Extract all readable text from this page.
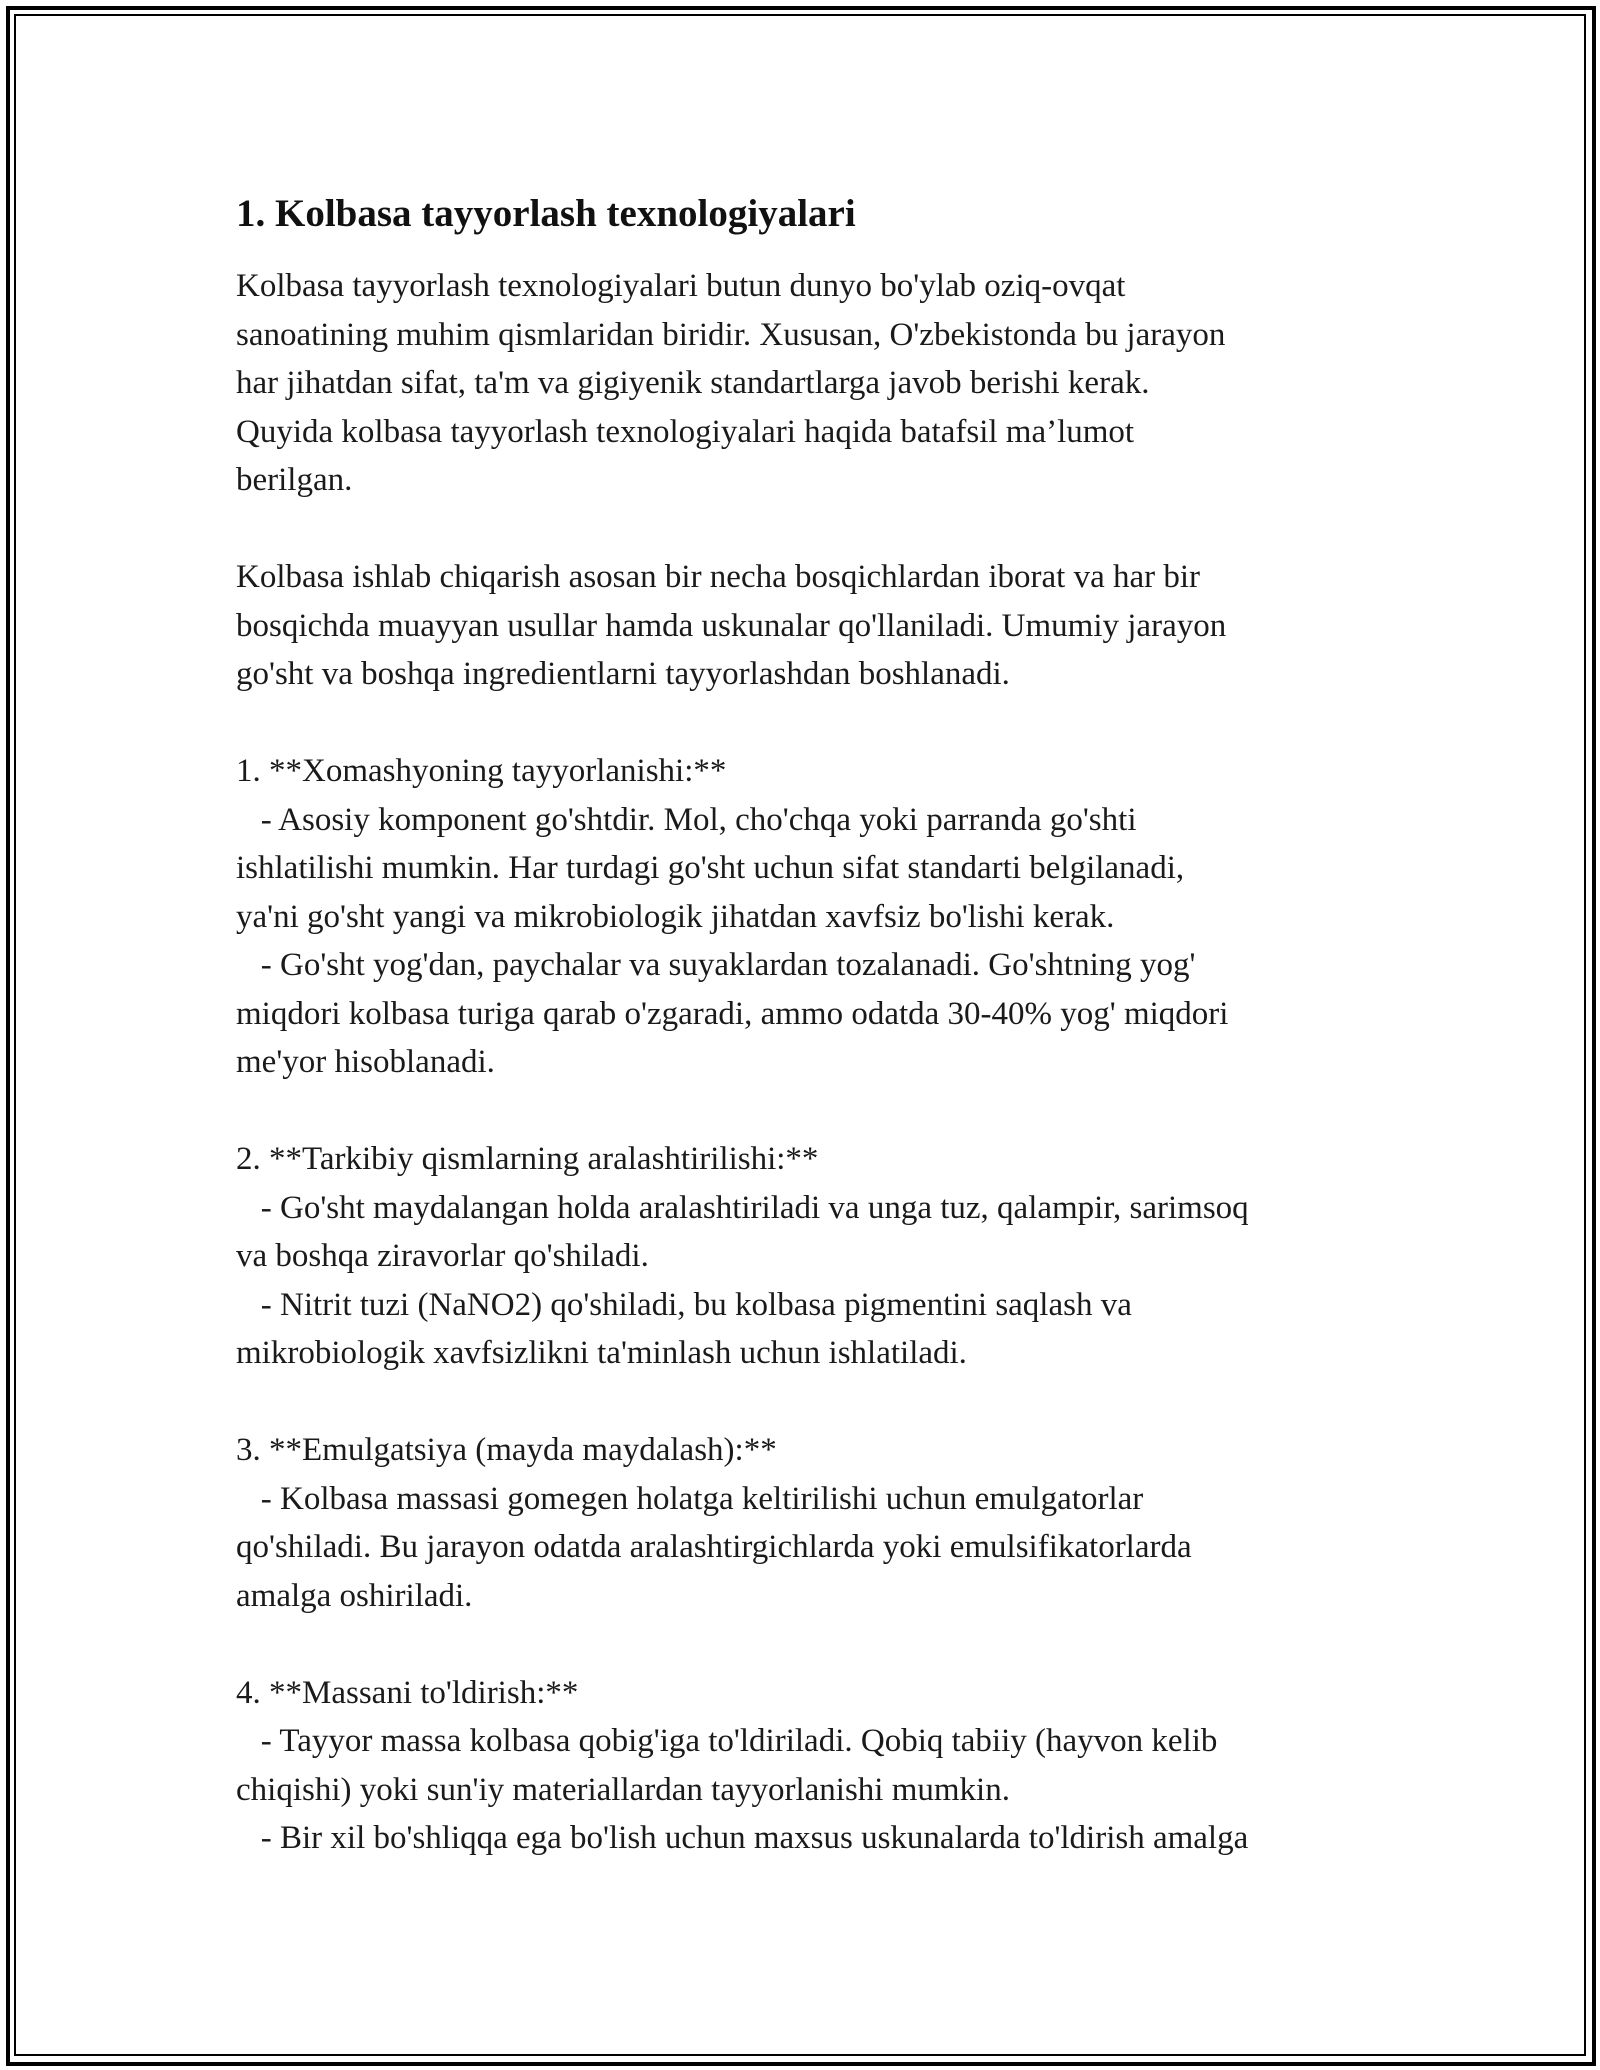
1. Kolbasa tayyorlash texnologiyalari

Kolbasa tayyorlash texnologiyalari butun dunyo bo'ylab oziq-ovqat
sanoatining muhim qismlaridan biridir. Xususan, O'zbekistonda bu jarayon
har jihatdan sifat, ta'm va gigiyenik standartlarga javob berishi kerak.
Quyida kolbasa tayyorlash texnologiyalari haqida batafsil ma’lumot
berilgan.

Kolbasa ishlab chiqarish asosan bir necha bosqichlardan iborat va har bir
bosqichda muayyan usullar hamda uskunalar qo'llaniladi. Umumiy jarayon
go'sht va boshqa ingredientlarni tayyorlashdan boshlanadi.

1. **Xomashyoning tayyorlanishi:**
- Asosiy komponent go'shtdir. Mol, cho'chqa yoki parranda go'shti
ishlatilishi mumkin. Har turdagi go'sht uchun sifat standarti belgilanadi,
ya'ni go'sht yangi va mikrobiologik jihatdan xavfsiz bo'lishi kerak.
- Go'sht yog'dan, paychalar va suyaklardan tozalanadi. Go'shtning yog'
miqdori kolbasa turiga qarab o'zgaradi, ammo odatda 30-40% yog' miqdori
me'yor hisoblanadi.

2. **Tarkibiy qismlarning aralashtirilishi:**
- Go'sht maydalangan holda aralashtiriladi va unga tuz, qalampir, sarimsoq
va boshqa ziravorlar qo'shiladi.
- Nitrit tuzi (NaNO2) qo'shiladi, bu kolbasa pigmentini saqlash va
mikrobiologik xavfsizlikni ta'minlash uchun ishlatiladi.

3. **Emulgatsiya (mayda maydalash):**
- Kolbasa massasi gomegen holatga keltirilishi uchun emulgatorlar
qo'shiladi. Bu jarayon odatda aralashtirgichlarda yoki emulsifikatorlarda
amalga oshiriladi.

4. **Massani to'ldirish:**
- Tayyor massa kolbasa qobig'iga to'ldiriladi. Qobiq tabiiy (hayvon kelib
chiqishi) yoki sun'iy materiallardan tayyorlanishi mumkin.
- Bir xil bo'shliqqa ega bo'lish uchun maxsus uskunalarda to'ldirish amalga
